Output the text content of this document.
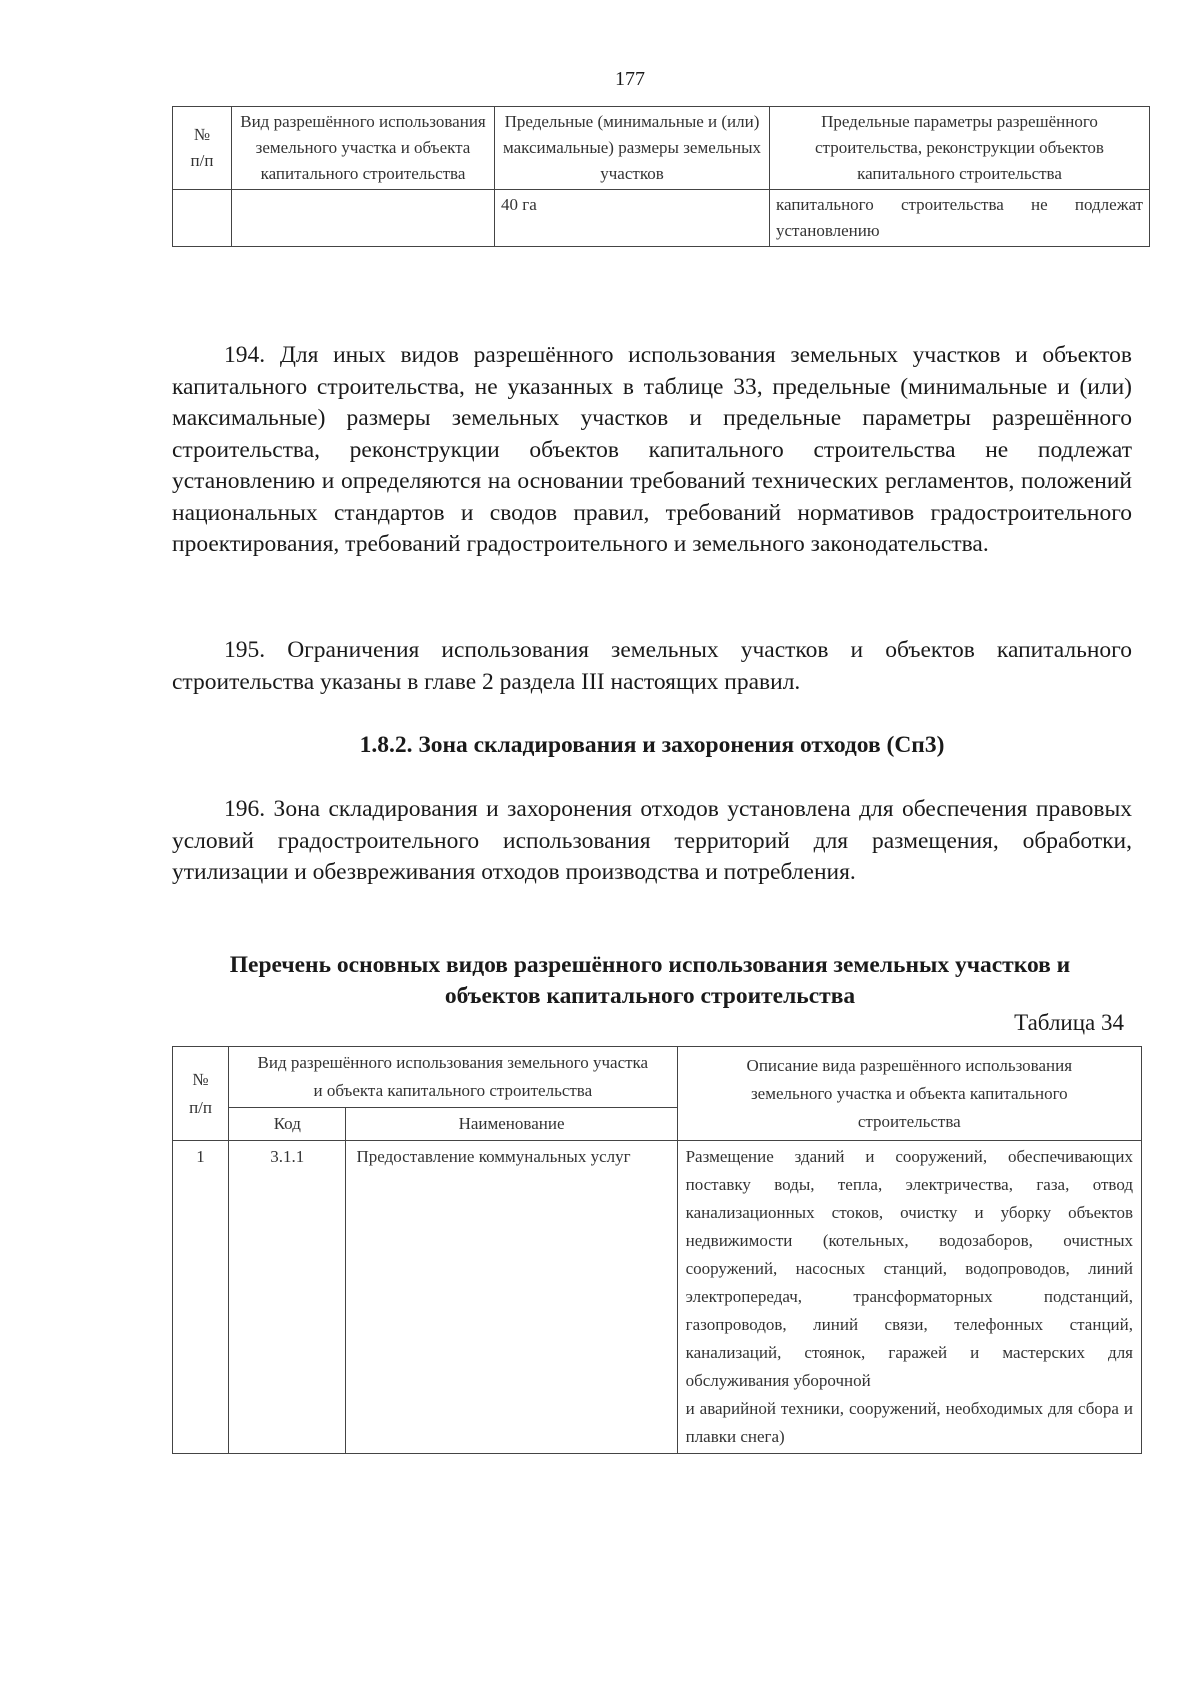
177
№
п/п	Вид разрешённого использования земельного участка и объекта капитального строительства	Предельные (минимальные и (или) максимальные) размеры земельных участков	Предельные параметры разрешённого строительства, реконструкции объектов капитального строительства
		40 га	капитального строительства не подлежат установлению

194. Для иных видов разрешённого использования земельных участков и объектов капитального строительства, не указанных в таблице 33, предельные (минимальные и (или) максимальные) размеры земельных участков и предельные параметры разрешённого строительства, реконструкции объектов капитального строительства не подлежат установлению и определяются на основании требований технических регламентов, положений национальных стандартов и сводов правил, требований нормативов градостроительного проектирования, требований градостроительного и земельного законодательства.

195. Ограничения использования земельных участков и объектов капитального строительства указаны в главе 2 раздела III настоящих правил.

1.8.2. Зона складирования и захоронения отходов (Сп3)

196. Зона складирования и захоронения отходов установлена для обеспечения правовых условий градостроительного использования территорий для размещения, обработки, утилизации и обезвреживания отходов производства и потребления.

Перечень основных видов разрешённого использования земельных участков и объектов капитального строительства
Таблица 34
№
п/п	Вид разрешённого использования земельного участка и объекта капитального строительства		Описание вида разрешённого использования земельного участка и объекта капитального строительства
	Код	Наименование	
1	3.1.1	Предоставление коммунальных услуг	Размещение зданий и сооружений, обеспечивающих поставку воды, тепла, электричества, газа, отвод канализационных стоков, очистку и уборку объектов недвижимости (котельных, водозаборов, очистных сооружений, насосных станций, водопроводов, линий электропередач, трансформаторных подстанций, газопроводов, линий связи, телефонных станций, канализаций, стоянок, гаражей и мастерских для обслуживания уборочной
и аварийной техники, сооружений, необходимых для сбора и плавки снега)
